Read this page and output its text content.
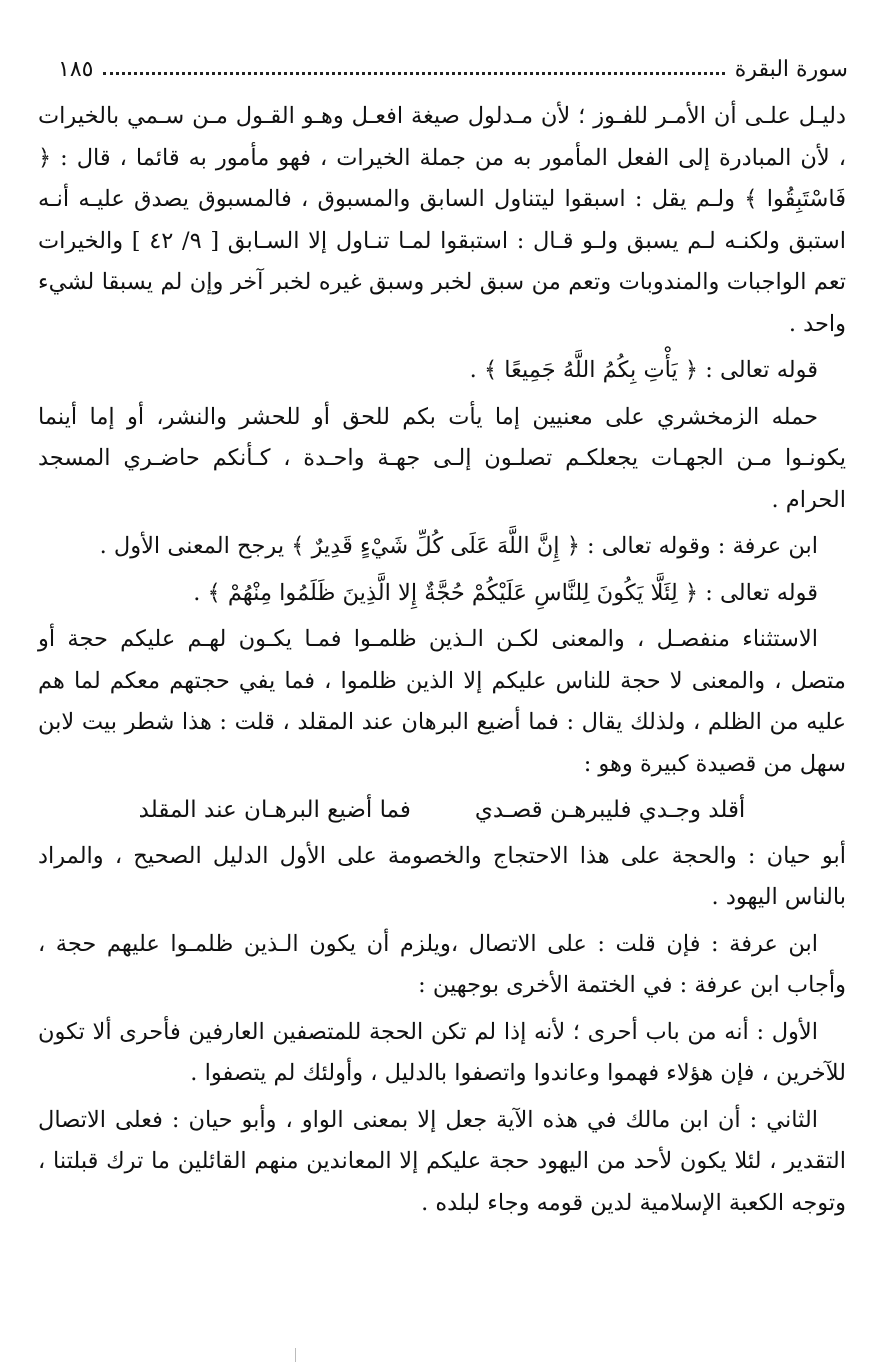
سورة البقرة
١٨٥

دليـل علـى أن الأمـر للفـوز ؛ لأن مـدلول صيغة افعـل وهـو القـول مـن سـمي بالخيرات ، لأن المبادرة إلى الفعل المأمور به من جملة الخيرات ، فهو مأمور به قائما ، قال : ﴿ فَاسْتَبِقُوا ﴾ ولـم يقل : اسبقوا ليتناول السابق والمسبوق ، فالمسبوق يصدق عليـه أنـه استبق ولكنـه لـم يسبق ولـو قـال : استبقوا لمـا تنـاول إلا السـابق [ ٩/ ٤٢ ] والخيرات تعم الواجبات والمندوبات وتعم من سبق لخبر وسبق غيره لخبر آخر وإن لم يسبقا لشيء واحد .

قوله تعالى : ﴿ يَأْتِ بِكُمُ اللَّهُ جَمِيعًا ﴾ .

حمله الزمخشري على معنيين إما يأت بكم للحق أو للحشر والنشر، أو إما أينما يكونـوا مـن الجهـات يجعلكـم تصلـون إلـى جهـة واحـدة ، كـأنكم حاضـري المسجد الحرام .

ابن عرفة : وقوله تعالى : ﴿ إِنَّ اللَّهَ عَلَى كُلِّ شَيْءٍ قَدِيرٌ ﴾ يرجح المعنى الأول .

قوله تعالى : ﴿ لِئَلَّا يَكُونَ لِلنَّاسِ عَلَيْكُمْ حُجَّةٌ إِلا الَّذِينَ ظَلَمُوا مِنْهُمْ ﴾ .

الاستثناء منفصـل ، والمعنى لكـن الـذين ظلمـوا فمـا يكـون لهـم عليكم حجة أو متصل ، والمعنى لا حجة للناس عليكم إلا الذين ظلموا ، فما يفي حجتهم معكم لما هم عليه من الظلم ، ولذلك يقال : فما أضيع البرهان عند المقلد ، قلت : هذا شطر بيت لابن سهل من قصيدة كبيرة وهو :

أقلد وجـدي فليبرهـن قصـدي
فما أضيع البرهـان عند المقلد

أبو حيان : والحجة على هذا الاحتجاج والخصومة على الأول الدليل الصحيح ، والمراد بالناس اليهود .

ابن عرفة : فإن قلت : على الاتصال ،ويلزم أن يكون الـذين ظلمـوا عليهم حجة ، وأجاب ابن عرفة : في الختمة الأخرى بوجهين :

الأول : أنه من باب أحرى ؛ لأنه إذا لم تكن الحجة للمتصفين العارفين فأحرى ألا تكون للآخرين ، فإن هؤلاء فهموا وعاندوا واتصفوا بالدليل ، وأولئك لم يتصفوا .

الثاني : أن ابن مالك في هذه الآية جعل إلا بمعنى الواو ، وأبو حيان : فعلى الاتصال التقدير ، لئلا يكون لأحد من اليهود حجة عليكم إلا المعاندين منهم القائلين ما ترك قبلتنا ، وتوجه الكعبة الإسلامية لدين قومه وجاء لبلده .
